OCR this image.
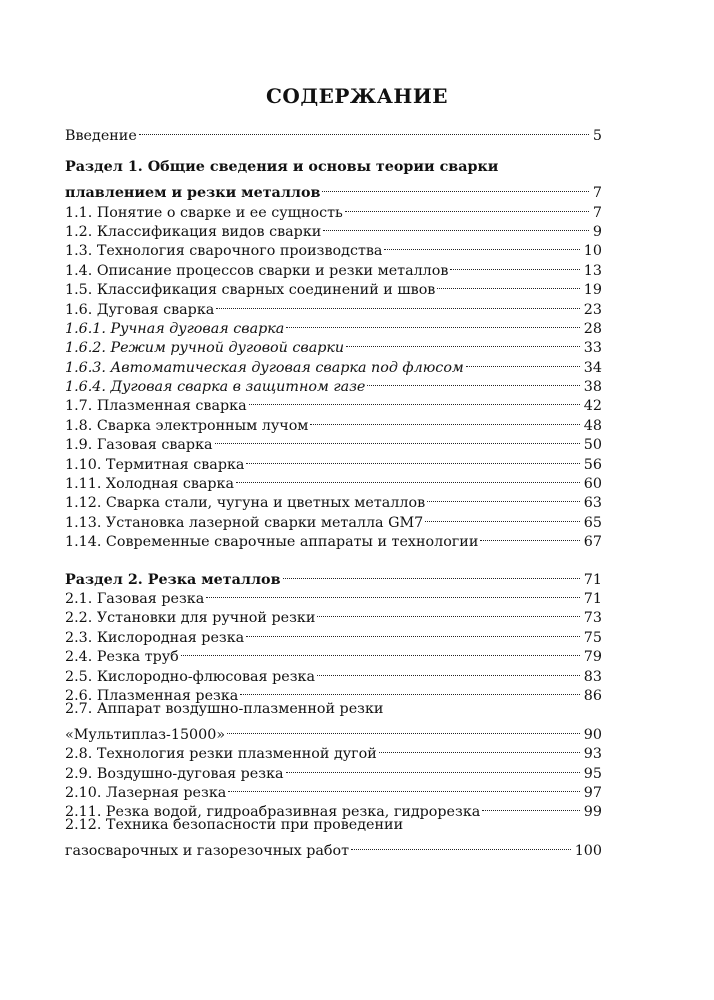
СОДЕРЖАНИЕ
Введение	5
Раздел 1. Общие сведения и основы теории сварки
плавлением и резки металлов	7
1.1. Понятие о сварке и ее сущность	7
1.2. Классификация видов сварки	9
1.3. Технология сварочного производства	10
1.4. Описание процессов сварки и резки металлов	13
1.5. Классификация сварных соединений и швов	19
1.6. Дуговая сварка	23
1.6.1. Ручная дуговая сварка	28
1.6.2. Режим ручной дуговой сварки	33
1.6.3. Автоматическая дуговая сварка под флюсом	34
1.6.4. Дуговая сварка в защитном газе	38
1.7. Плазменная сварка	42
1.8. Сварка электронным лучом	48
1.9. Газовая сварка	50
1.10. Термитная сварка	56
1.11. Холодная сварка	60
1.12. Сварка стали, чугуна и цветных металлов	63
1.13. Установка лазерной сварки металла GM7	65
1.14. Современные сварочные аппараты и технологии	67
Раздел 2. Резка металлов	71
2.1. Газовая резка	71
2.2. Установки для ручной резки	73
2.3. Кислородная резка	75
2.4. Резка труб	79
2.5. Кислородно-флюсовая резка	83
2.6. Плазменная резка	86
2.7. Аппарат воздушно-плазменной резки
«Мультиплаз-15000»	90
2.8. Технология резки плазменной дугой	93
2.9. Воздушно-дуговая резка	95
2.10. Лазерная резка	97
2.11. Резка водой, гидроабразивная резка, гидрорезка	99
2.12. Техника безопасности при проведении
газосварочных и газорезочных работ	100
